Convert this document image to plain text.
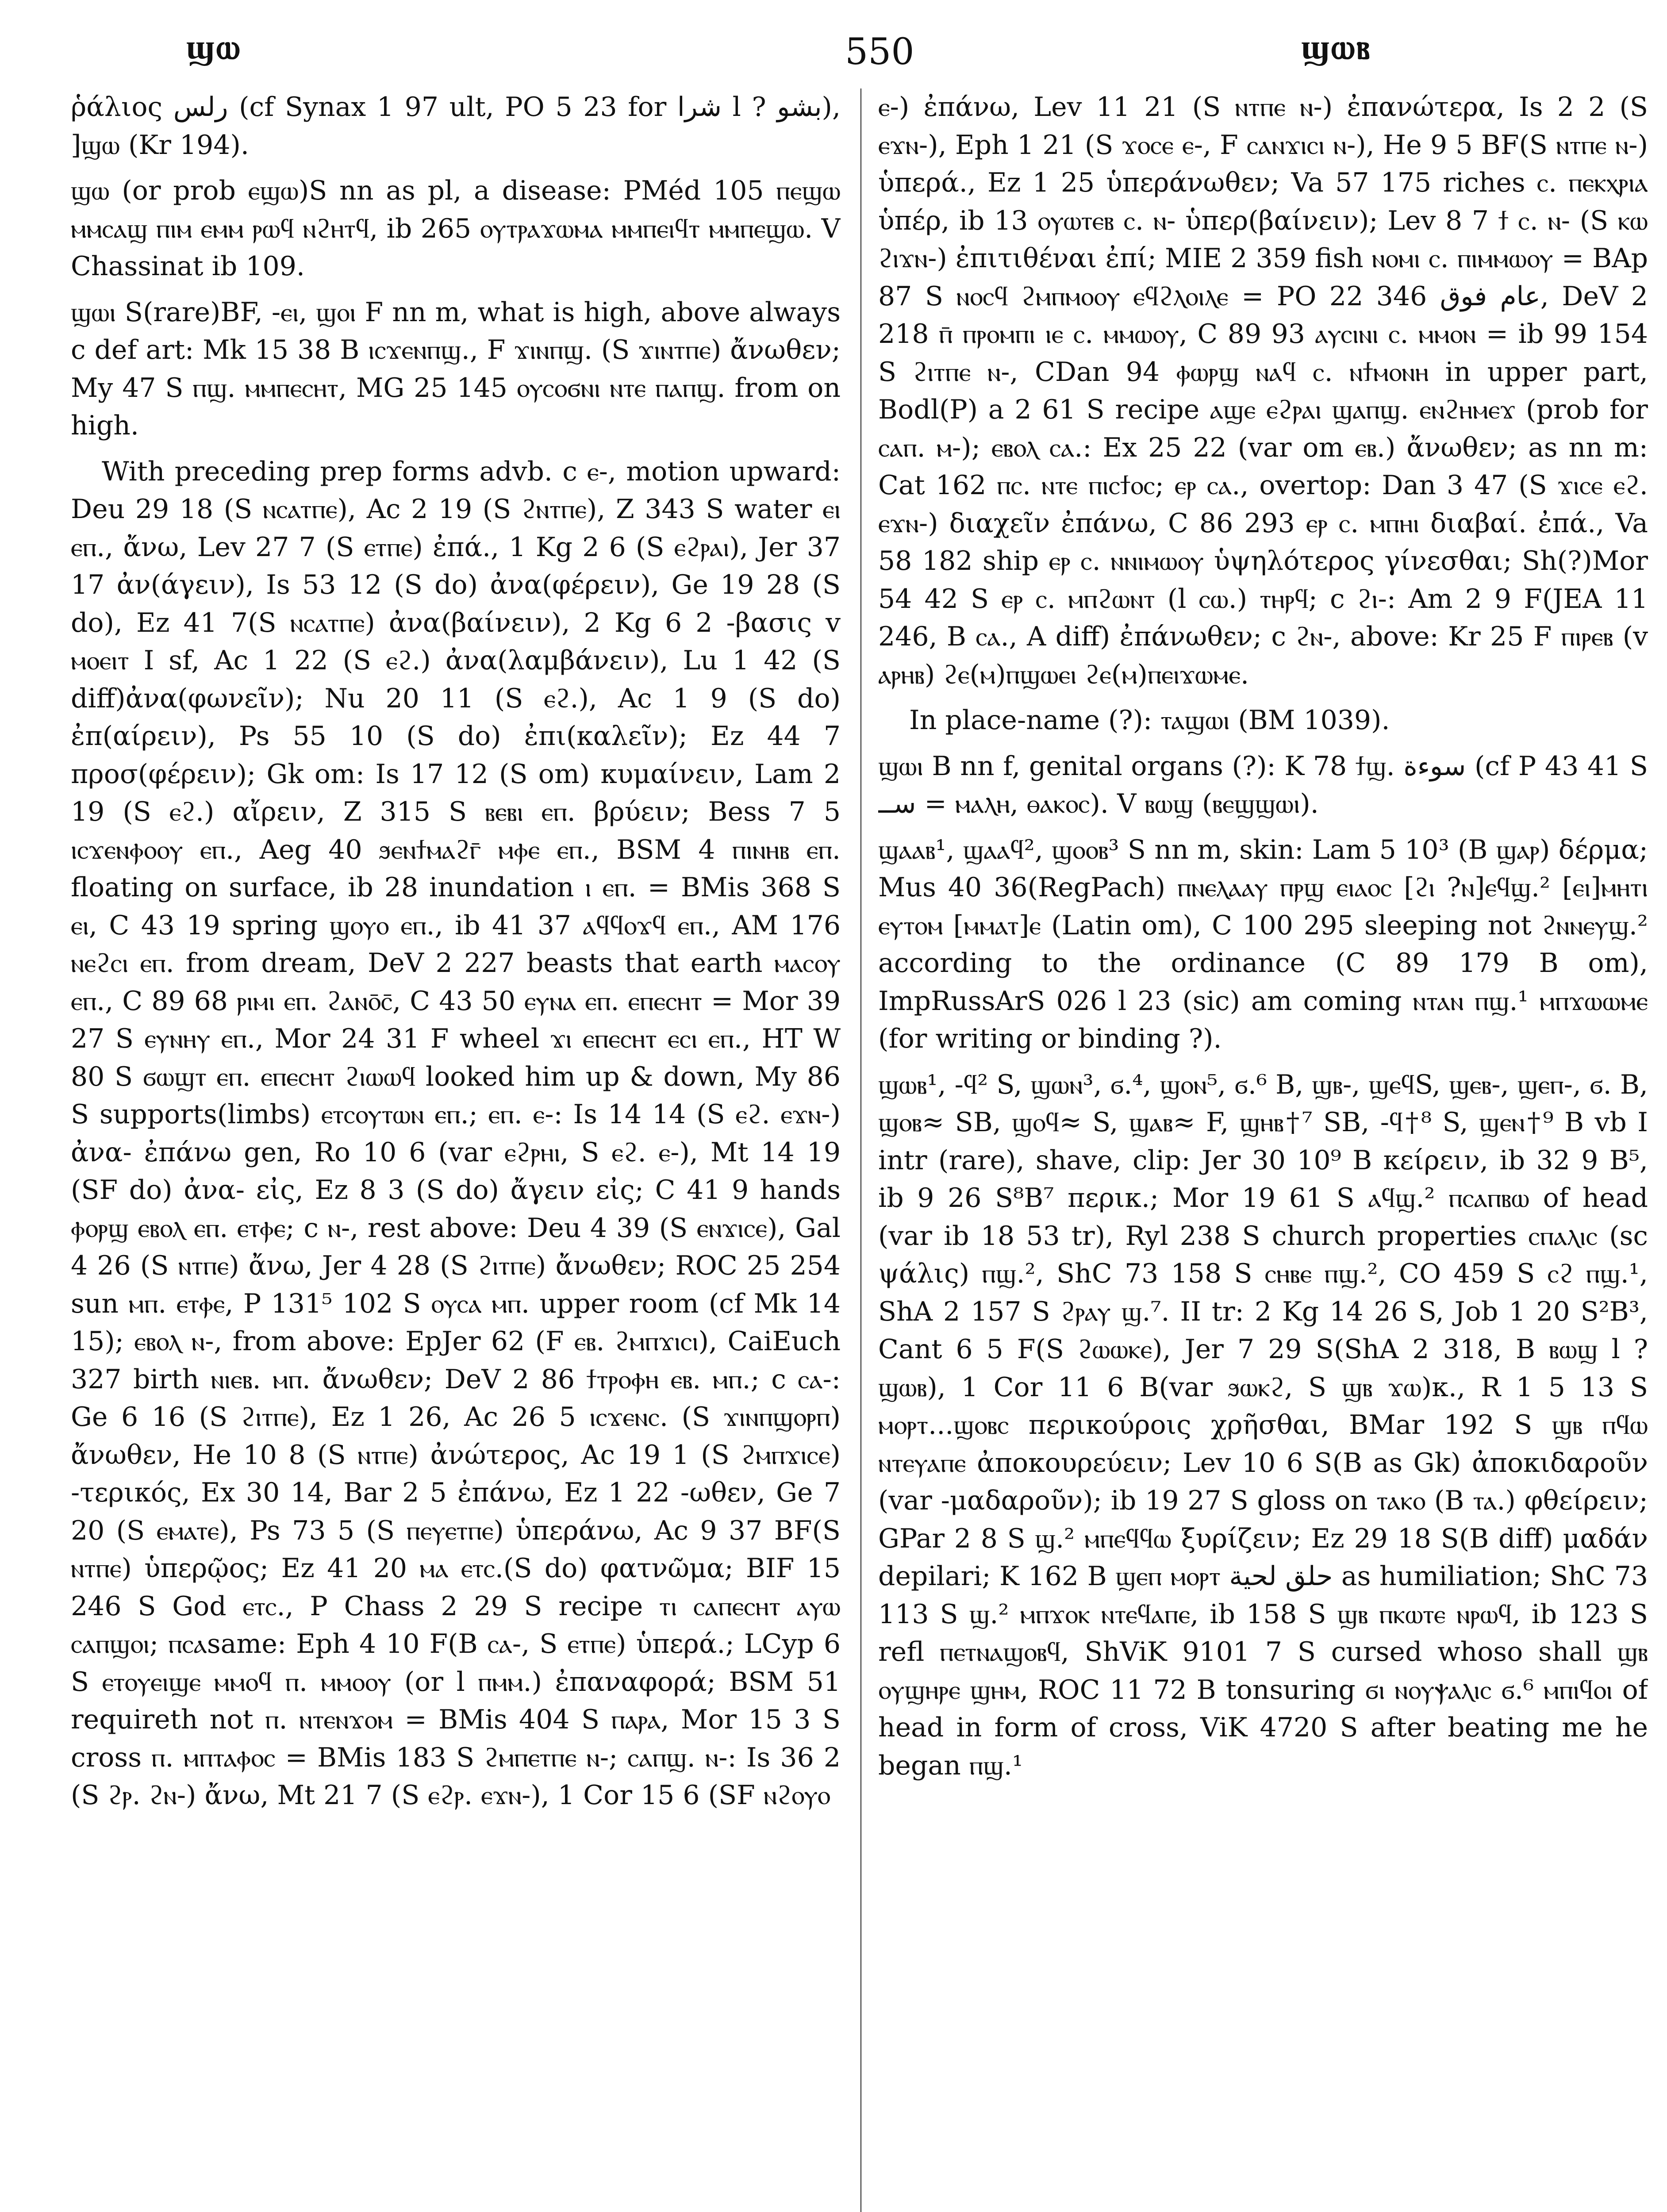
ϣⲱ	550	ϣⲱⲃ

ῥάλιος رلس (cf Synax 1 97 ult, PO 5 23 for شرا l ? بشو), ]ϣⲱ (Kr 194).

ϣⲱ (or prob ⲉϣⲱ)S nn as pl, a disease: PMéd 105 ⲡⲉϣⲱ ⲙⲙⲥⲁϣ ⲡⲓⲙ ⲉⲙⲙ ⲣⲱϥ ⲛϩⲏⲧϥ, ib 265 ⲟⲩⲧⲣⲁϫⲱⲙⲁ ⲙⲙⲡⲉⲓϥⲧ ⲙⲙⲡⲉϣⲱ. V Chassinat ib 109.

ϣⲱⲓ S(rare)BF, -ⲉⲓ, ϣⲟⲓ F nn m, what is high, above always c def art: Mk 15 38 B ⲓⲥϫⲉⲛⲡϣ., F ϫⲓⲛⲡϣ. (S ϫⲓⲛⲧⲡⲉ) ἄνωθεν; My 47 S ⲡϣ. ⲙⲙⲡⲉⲥⲏⲧ, MG 25 145 ⲟⲩⲥⲟϭⲛⲓ ⲛⲧⲉ ⲡⲁⲡϣ. from on high.

With preceding prep forms advb. c ⲉ-, motion upward: Deu 29 18 (S ⲛⲥⲁⲧⲡⲉ), Ac 2 19 (S ϩⲛⲧⲡⲉ), Z 343 S water ⲉⲓ ⲉⲡ., ἄνω, Lev 27 7 (S ⲉⲧⲡⲉ) ἐπά., 1 Kg 2 6 (S ⲉϩⲣⲁⲓ), Jer 37 17 ἀν(άγειν), Is 53 12 (S do) ἀνα(φέρειν), Ge 19 28 (S do), Ez 41 7(S ⲛⲥⲁⲧⲡⲉ) ἀνα(βαίνειν), 2 Kg 6 2 -βασις v ⲙⲟⲉⲓⲧ I sf, Ac 1 22 (S ⲉϩ.) ἀνα(λαμβάνειν), Lu 1 42 (S diff)ἀνα(φωνεῖν); Nu 20 11 (S ⲉϩ.), Ac 1 9 (S do) ἐπ(αίρειν), Ps 55 10 (S do) ἐπι(καλεῖν); Ez 44 7 προσ(φέρειν); Gk om: Is 17 12 (S om) κυμαίνειν, Lam 2 19 (S ⲉϩ.) αἴρειν, Z 315 S ⲃⲉⲃⲓ ⲉⲡ. βρύειν; Bess 7 5 ⲓⲥϫⲉⲛⲫⲟⲟⲩ ⲉⲡ., Aeg 40 ϧⲉⲛϯⲙⲁϩⲅ̄ ⲙⲫⲉ ⲉⲡ., BSM 4 ⲡⲓⲛⲏⲃ ⲉⲡ. floating on surface, ib 28 inundation ⲓ ⲉⲡ. = BMis 368 S ⲉⲓ, C 43 19 spring ϣⲟⲩⲟ ⲉⲡ., ib 41 37 ⲁϥϥⲟϫϥ ⲉⲡ., AM 176 ⲛⲉϩⲥⲓ ⲉⲡ. from dream, DeV 2 227 beasts that earth ⲙⲁⲥⲟⲩ ⲉⲡ., C 89 68 ⲣⲓⲙⲓ ⲉⲡ. ϩⲁⲛⲟ̄ⲥ̄, C 43 50 ⲉⲩⲛⲁ ⲉⲡ. ⲉⲡⲉⲥⲏⲧ = Mor 39 27 S ⲉⲩⲛⲏⲩ ⲉⲡ., Mor 24 31 F wheel ϫⲓ ⲉⲡⲉⲥⲏⲧ ⲉⲥⲓ ⲉⲡ., HT W 80 S ϭⲱϣⲧ ⲉⲡ. ⲉⲡⲉⲥⲏⲧ ϩⲓⲱⲱϥ looked him up & down, My 86 S supports(limbs) ⲉⲧⲥⲟⲩⲧⲱⲛ ⲉⲡ.; ⲉⲡ. ⲉ-: Is 14 14 (S ⲉϩ. ⲉϫⲛ-) ἀνα- ἐπάνω gen, Ro 10 6 (var ⲉϩⲣⲏⲓ, S ⲉϩ. ⲉ-), Mt 14 19 (SF do) ἀνα- εἰς, Ez 8 3 (S do) ἄγειν εἰς; C 41 9 hands ⲫⲟⲣϣ ⲉⲃⲟⲗ ⲉⲡ. ⲉⲧⲫⲉ; c ⲛ-, rest above: Deu 4 39 (S ⲉⲛϫⲓⲥⲉ), Gal 4 26 (S ⲛⲧⲡⲉ) ἄνω, Jer 4 28 (S ϩⲓⲧⲡⲉ) ἄνωθεν; ROC 25 254 sun ⲙⲡ. ⲉⲧⲫⲉ, P 131⁵ 102 S ⲟⲩⲥⲁ ⲙⲡ. upper room (cf Mk 14 15); ⲉⲃⲟⲗ ⲛ-, from above: EpJer 62 (F ⲉⲃ. ϩⲙⲡϫⲓⲥⲓ), CaiEuch 327 birth ⲛⲓⲉⲃ. ⲙⲡ. ἄνωθεν; DeV 2 86 ϯⲧⲣⲟⲫⲏ ⲉⲃ. ⲙⲡ.; c ⲥⲁ-: Ge 6 16 (S ϩⲓⲧⲡⲉ), Ez 1 26, Ac 26 5 ⲓⲥϫⲉⲛⲥ. (S ϫⲓⲛⲡϣⲟⲣⲡ) ἄνωθεν, He 10 8 (S ⲛⲧⲡⲉ) ἀνώτερος, Ac 19 1 (S ϩⲙⲡϫⲓⲥⲉ) -τερικός, Ex 30 14, Bar 2 5 ἐπάνω, Ez 1 22 -ωθεν, Ge 7 20 (S ⲉⲙⲁⲧⲉ), Ps 73 5 (S ⲡⲉⲩⲉⲧⲡⲉ) ὑπεράνω, Ac 9 37 BF(S ⲛⲧⲡⲉ) ὑπερῷος; Ez 41 20 ⲙⲁ ⲉⲧⲥ.(S do) φατνῶμα; BIF 15 246 S God ⲉⲧⲥ., P Chass 2 29 S recipe ⲧⲓ ⲥⲁⲡⲉⲥⲏⲧ ⲁⲩⲱ ⲥⲁⲡϣⲟⲓ; ⲡⲥⲁsame: Eph 4 10 F(B ⲥⲁ-, S ⲉⲧⲡⲉ) ὑπερά.; LCyp 6 S ⲉⲧⲟⲩⲉⲓϣⲉ ⲙⲙⲟϥ ⲡ. ⲙⲙⲟⲟⲩ (or l ⲡⲙⲙ.) ἐπαναφορά; BSM 51 requireth not ⲡ. ⲛⲧⲉⲛϫⲟⲙ = BMis 404 S ⲡⲁⲣⲁ, Mor 15 3 S cross ⲡ. ⲙⲡⲧⲁⲫⲟⲥ = BMis 183 S ϩⲙⲡⲉⲧⲡⲉ ⲛ-; ⲥⲁⲡϣ. ⲛ-: Is 36 2 (S ϩⲣ. ϩⲛ-) ἄνω, Mt 21 7 (S ⲉϩⲣ. ⲉϫⲛ-), 1 Cor 15 6 (SF ⲛϩⲟⲩⲟ

ⲉ-) ἐπάνω, Lev 11 21 (S ⲛⲧⲡⲉ ⲛ-) ἐπανώτερα, Is 2 2 (S ⲉϫⲛ-), Eph 1 21 (S ϫⲟⲥⲉ ⲉ-, F ⲥⲁⲛϫⲓⲥⲓ ⲛ-), He 9 5 BF(S ⲛⲧⲡⲉ ⲛ-) ὑπερά., Ez 1 25 ὑπεράνωθεν; Va 57 175 riches ⲥ. ⲡⲉⲕⲭⲣⲓⲁ ὑπέρ, ib 13 ⲟⲩⲱⲧⲉⲃ ⲥ. ⲛ- ὑπερ(βαίνειν); Lev 8 7 ϯ ⲥ. ⲛ- (S ⲕⲱ ϩⲓϫⲛ-) ἐπιτιθέναι ἐπί; MIE 2 359 fish ⲛⲟⲙⲓ ⲥ. ⲡⲓⲙⲙⲱⲟⲩ = BAp 87 S ⲛⲟⲥϥ ϩⲙⲡⲙⲟⲟⲩ ⲉϥϩⲗⲟⲓⲗⲉ = PO 22 346 عام فوق, DeV 2 218 ⲡ̄ ⲡⲣⲟⲙⲡⲓ ⲓⲉ ⲥ. ⲙⲙⲱⲟⲩ, C 89 93 ⲁⲩⲥⲓⲛⲓ ⲥ. ⲙⲙⲟⲛ = ib 99 154 S ϩⲓⲧⲡⲉ ⲛ-, CDan 94 ⲫⲱⲣϣ ⲛⲁϥ ⲥ. ⲛϯⲙⲟⲛⲏ in upper part, Bodl(P) a 2 61 S recipe ⲁϣⲉ ⲉϩⲣⲁⲓ ϣⲁⲡϣ. ⲉⲛϩⲏⲙⲉϫ (prob for ⲥⲁⲡ. ⲙ-); ⲉⲃⲟⲗ ⲥⲁ.: Ex 25 22 (var om ⲉⲃ.) ἄνωθεν; as nn m: Cat 162 ⲡⲥ. ⲛⲧⲉ ⲡⲓⲥϯⲟⲥ; ⲉⲣ ⲥⲁ., overtop: Dan 3 47 (S ϫⲓⲥⲉ ⲉϩ. ⲉϫⲛ-) διαχεῖν ἐπάνω, C 86 293 ⲉⲣ ⲥ. ⲙⲡⲏⲓ διαβαί. ἐπά., Va 58 182 ship ⲉⲣ ⲥ. ⲛⲛⲓⲙⲱⲟⲩ ὑψηλότερος γίνεσθαι; Sh(?)Mor 54 42 S ⲉⲣ ⲥ. ⲙⲡϩⲱⲛⲧ (l ⲥⲱ.) ⲧⲏⲣϥ; c ϩⲓ-: Am 2 9 F(JEA 11 246, B ⲥⲁ., A diff) ἐπάνωθεν; c ϩⲛ-, above: Kr 25 F ⲡⲓⲣⲉⲃ (v ⲁⲣⲏⲃ) ϩⲉ(ⲙ)ⲡϣⲱⲉⲓ ϩⲉ(ⲙ)ⲡⲉⲓϫⲱⲙⲉ.

In place-name (?): ⲧⲁϣⲱⲓ (BM 1039).

ϣⲱⲓ B nn f, genital organs (?): K 78 ϯϣ. سوءة (cf P 43 41 S ســ = ⲙⲁⲗⲏ, ⲑⲁⲕⲟⲥ). V ⲃⲱϣ (ⲃⲉϣϣⲱⲓ).

ϣⲁⲁⲃ¹, ϣⲁⲁϥ², ϣⲟⲟⲃ³ S nn m, skin: Lam 5 10³ (B ϣⲁⲣ) δέρμα; Mus 40 36(RegPach) ⲡⲛⲉⲗⲁⲁⲩ ⲡⲣϣ ⲉⲓⲁⲟⲥ [ϩⲓ ?ⲛ]ⲉϥϣ.² [ⲉⲓ]ⲙⲏⲧⲓ ⲉⲩⲧⲟⲙ [ⲙⲙⲁⲧ]ⲉ (Latin om), C 100 295 sleeping not ϩⲛⲛⲉⲩϣ.² according to the ordinance (C 89 179 B om), ImpRussArS 026 l 23 (sic) am coming ⲛⲧⲁⲛ ⲡϣ.¹ ⲙⲡϫⲱⲱⲙⲉ (for writing or binding ?).

ϣⲱⲃ¹, -ϥ² S, ϣⲱⲛ³, ϭ.⁴, ϣⲟⲛ⁵, ϭ.⁶ B, ϣⲃ-, ϣⲉϥS, ϣⲉⲃ-, ϣⲉⲡ-, ϭ. B, ϣⲟⲃ≈ SB, ϣⲟϥ≈ S, ϣⲁⲃ≈ F, ϣⲏⲃ†⁷ SB, -ϥ†⁸ S, ϣⲉⲛ†⁹ B vb I intr (rare), shave, clip: Jer 30 10⁹ B κείρειν, ib 32 9 B⁵, ib 9 26 S⁸B⁷ περικ.; Mor 19 61 S ⲁϥϣ.² ⲡⲥⲁⲡⲃⲱ of head (var ib 18 53 tr), Ryl 238 S church properties ⲥⲡⲁⲗⲓⲥ (sc ψάλις) ⲡϣ.², ShC 73 158 S ⲥⲏⲃⲉ ⲡϣ.², CO 459 S ⲥϩ ⲡϣ.¹, ShA 2 157 S ϩⲣⲁⲩ ϣ.⁷. II tr: 2 Kg 14 26 S, Job 1 20 S²B³, Cant 6 5 F(S ϩⲱⲱⲕⲉ), Jer 7 29 S(ShA 2 318, B ⲃⲱϣ l ? ϣⲱⲃ), 1 Cor 11 6 B(var ϧⲱⲕϩ, S ϣⲃ ϫⲱ)κ., R 1 5 13 S ⲙⲟⲣⲧ...ϣⲟⲃⲥ περικούροις χρῆσθαι, BMar 192 S ϣⲃ ⲡϥⲱ ⲛⲧⲉⲩⲁⲡⲉ ἀποκουρεύειν; Lev 10 6 S(B as Gk) ἀποκιδαροῦν (var -μαδαροῦν); ib 19 27 S gloss on ⲧⲁⲕⲟ (B ⲧⲁ.) φθείρειν; GPar 2 8 S ϣ.² ⲙⲡⲉϥϥⲱ ξυρίζειν; Ez 29 18 S(B diff) μαδάν depilari; K 162 B ϣⲉⲡ ⲙⲟⲣⲧ حلق لحية as humiliation; ShC 73 113 S ϣ.² ⲙⲡϫⲟⲕ ⲛⲧⲉϥⲁⲡⲉ, ib 158 S ϣⲃ ⲡⲕⲱⲧⲉ ⲛⲣⲱϥ, ib 123 S refl ⲡⲉⲧⲛⲁϣⲟⲃϥ, ShViK 9101 7 S cursed whoso shall ϣⲃ ⲟⲩϣⲏⲣⲉ ϣⲏⲙ, ROC 11 72 B tonsuring ϭⲓ ⲛⲟⲩⲯⲁⲗⲓⲥ ϭ.⁶ ⲙⲡⲓϥⲟⲓ of head in form of cross, ViK 4720 S after beating me he began ⲡϣ.¹
